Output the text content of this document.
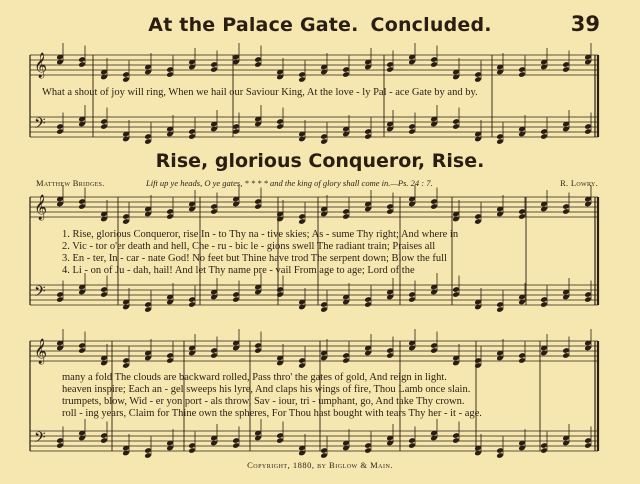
𝄞
𝄢
𝄞
𝄢
𝄞
𝄢
At the Palace Gate. Concluded.	39
What a shout of joy will ring, When we hail our Saviour King, At the love - ly Pal - ace Gate by and by.
Rise, glorious Conqueror, Rise.
Matthew Bridges.	Lift up ye heads, O ye gates, * * * * and the king of glory shall come in.—Ps. 24 : 7.	R. Lowry.
1. Rise, glorious Conqueror, rise In - to Thy na - tive skies; As - sume Thy right; And where in
2. Vic - tor o'er death and hell, Che - ru - bic le - gions swell The radiant train; Praises all
3. En - ter, In - car - nate God! No feet but Thine have trod The serpent down; Blow the full
4. Li - on of Ju - dah, hail! And let Thy name pre - vail From age to age; Lord of the
many a fold The clouds are backward rolled, Pass thro' the gates of gold, And reign in light.
heaven inspire; Each an - gel sweeps his lyre, And claps his wings of fire, Thou Lamb once slain.
trumpets, blow, Wid - er yon port - als throw, Sav - iour, tri - umphant, go, And take Thy crown.
roll - ing years, Claim for Thine own the spheres, For Thou hast bought with tears Thy her - it - age.
Copyright, 1880, by Biglow & Main.
